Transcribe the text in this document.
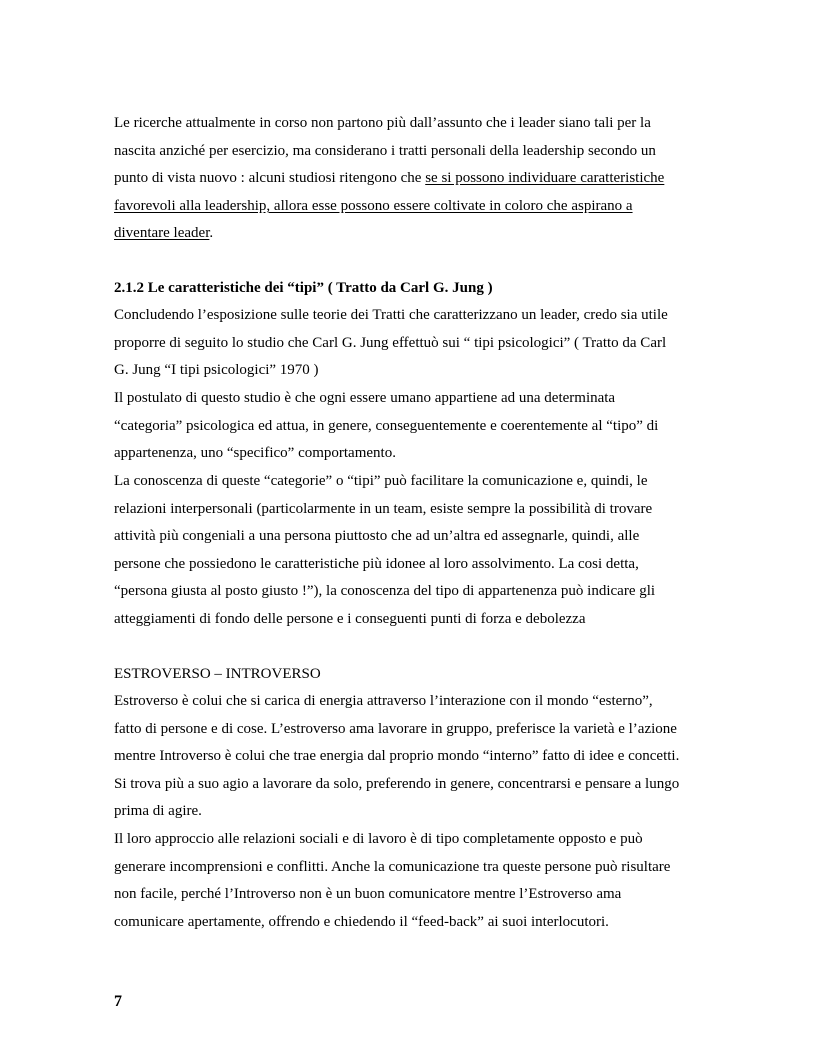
Le ricerche attualmente in corso non partono più dall’assunto che i leader siano tali per la
nascita anziché per esercizio, ma considerano i tratti personali della leadership secondo un
punto di vista nuovo : alcuni studiosi ritengono che se si possono individuare caratteristiche
favorevoli alla leadership, allora esse possono essere coltivate in coloro che aspirano a
diventare leader.
2.1.2 Le caratteristiche dei “tipi” ( Tratto da Carl G. Jung )
Concludendo l’esposizione sulle teorie dei Tratti che caratterizzano un leader, credo sia utile
proporre di seguito lo studio che Carl G. Jung effettuò sui “ tipi psicologici” ( Tratto da Carl
G. Jung “I tipi psicologici” 1970 )
Il postulato di questo studio è che ogni essere umano appartiene ad una determinata
“categoria” psicologica ed attua, in genere, conseguentemente e coerentemente al “tipo” di
appartenenza, uno “specifico” comportamento.
La conoscenza di queste “categorie” o “tipi” può facilitare la comunicazione e, quindi, le
relazioni interpersonali (particolarmente in un team, esiste sempre la possibilità di trovare
attività più congeniali a una persona piuttosto che ad un’altra ed assegnarle, quindi, alle
persone che possiedono le caratteristiche più idonee al loro assolvimento. La cosi detta,
“persona giusta al posto giusto !”), la conoscenza del tipo di appartenenza può indicare gli
atteggiamenti di fondo delle persone e i conseguenti punti di forza e debolezza
ESTROVERSO – INTROVERSO
Estroverso è colui che si carica di energia attraverso l’interazione con il mondo “esterno”,
fatto di persone e di cose. L’estroverso ama lavorare in gruppo, preferisce la varietà e l’azione
mentre Introverso è colui che trae energia dal proprio mondo “interno” fatto di idee e concetti.
Si trova più a suo agio a lavorare da solo, preferendo in genere, concentrarsi e pensare a lungo
prima di agire.
Il loro approccio alle relazioni sociali e di lavoro è di tipo completamente opposto e può
generare incomprensioni e conflitti. Anche la comunicazione tra queste persone può risultare
non facile, perché l’Introverso non è un buon comunicatore mentre l’Estroverso ama
comunicare apertamente, offrendo e chiedendo il “feed-back” ai suoi interlocutori.
7
